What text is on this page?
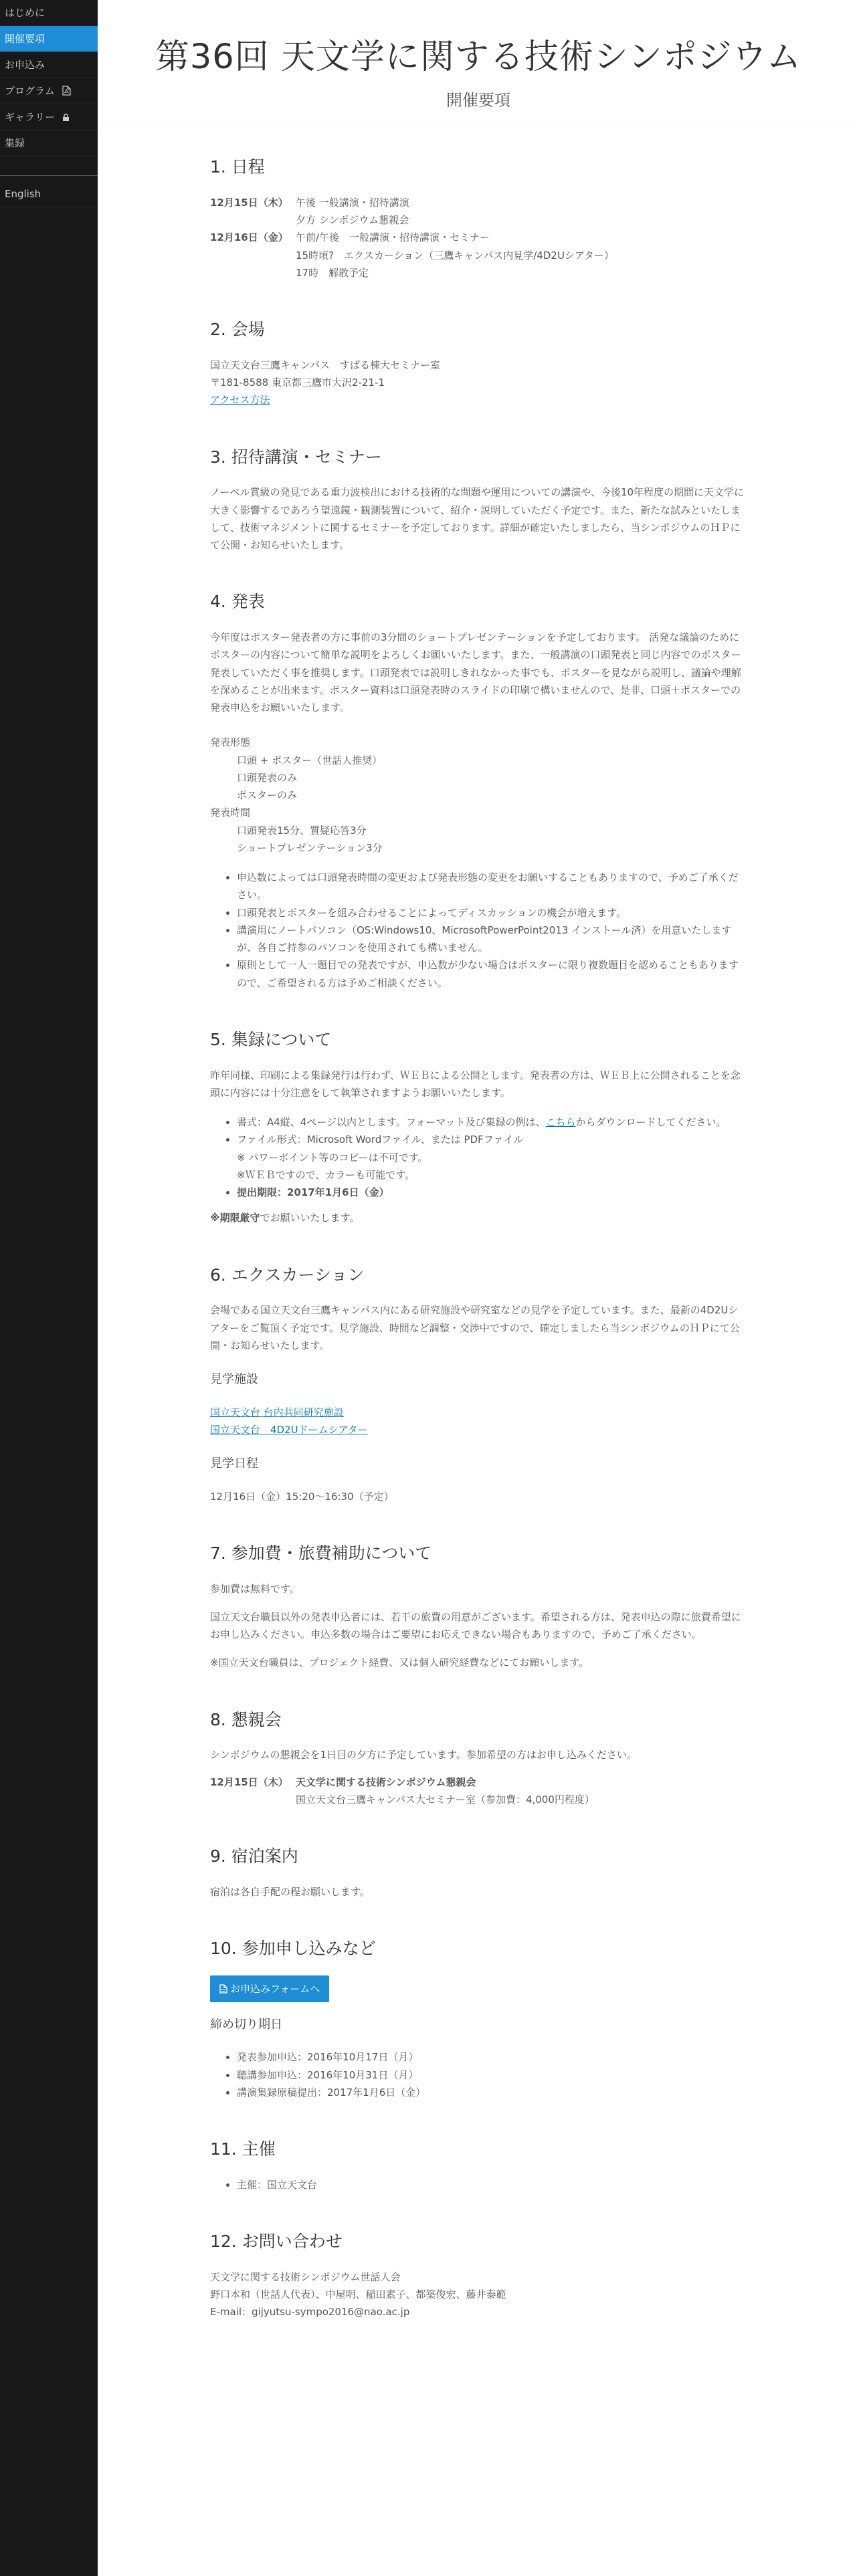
はじめに
開催要項
お申込み
プログラム
ギャラリー
集録
English
第36回 天文学に関する技術シンポジウム
開催要項
1. 日程
12月15日（木） 午後 一般講演・招待講演
夕方 シンポジウム懇親会
12月16日（金） 午前/午後　一般講演・招待講演・セミナー
15時頃?　エクスカーション（三鷹キャンパス内見学/4D2Uシアター）
17時　解散予定
2. 会場

国立天文台三鷹キャンパス　すばる棟大セミナー室

〒181-8588 東京都三鷹市大沢2-21-1

アクセス方法

3. 招待講演・セミナー

ノーベル賞級の発見である重力波検出における技術的な問題や運用についての講演や、今後10年程度の期間に天文学に大きく影響するであろう望遠鏡・観測装置について、紹介・説明していただく予定です。また、新たな試みといたしまして、技術マネジメントに関するセミナーを予定しております。詳細が確定いたしましたら、当シンポジウムのＨＰにて公開・お知らせいたします。

4. 発表

今年度はポスター発表者の方に事前の3分間のショートプレゼンテーションを予定しております。 活発な議論のためにポスターの内容について簡単な説明をよろしくお願いいたします。また、一般講演の口頭発表と同じ内容でのポスター発表していただく事を推奨します。口頭発表では説明しきれなかった事でも、ポスターを見ながら説明し、議論や理解を深めることが出来ます。ポスター資料は口頭発表時のスライドの印刷で構いませんので、是非、口頭＋ポスターでの発表申込をお願いいたします。

発表形態

口頭 + ポスター（世話人推奨）

口頭発表のみ

ポスターのみ

発表時間

口頭発表15分、質疑応答3分

ショートプレゼンテーション3分

• 申込数によっては口頭発表時間の変更および発表形態の変更をお願いすることもありますので、予めご了承ください。
• 口頭発表とポスターを組み合わせることによってディスカッションの機会が増えます。
• 講演用にノートパソコン（OS:Windows10、MicrosoftPowerPoint2013 インストール済）を用意いたしますが、各自ご持参のパソコンを使用されても構いません。
• 原則として一人一題目での発表ですが、申込数が少ない場合はポスターに限り複数題目を認めることもありますので、ご希望される方は予めご相談ください。
5. 集録について

昨年同様、印刷による集録発行は行わず、ＷＥＢによる公開とします。発表者の方は、ＷＥＢ上に公開されることを念頭に内容には十分注意をして執筆されますようお願いいたします。

• 書式：A4縦、4ページ以内とします。フォーマット及び集録の例は、こちらからダウンロードしてください。
• ファイル形式：Microsoft Wordファイル、または PDFファイル
※ パワーポイント等のコピーは不可です。
※ＷＥＢですので、カラーも可能です。
• 提出期限：2017年1月6日（金）

※期限厳守でお願いいたします。

6. エクスカーション

会場である国立天文台三鷹キャンパス内にある研究施設や研究室などの見学を予定しています。また、最新の4D2Uシアターをご覧頂く予定です。見学施設、時間など調整・交渉中ですので、確定しましたら当シンポジウムのＨＰにて公開・お知らせいたします。

見学施設

国立天文台 台内共同研究施設

国立天文台　4D2Uドームシアター

見学日程

12月16日（金）15:20〜16:30（予定）

7. 参加費・旅費補助について

参加費は無料です。

国立天文台職員以外の発表申込者には、若干の旅費の用意がございます。希望される方は、発表申込の際に旅費希望にお申し込みください。申込多数の場合はご要望にお応えできない場合もありますので、予めご了承ください。

※国立天文台職員は、プロジェクト経費、又は個人研究経費などにてお願いします。

8. 懇親会

シンポジウムの懇親会を1日目の夕方に予定しています。参加希望の方はお申し込みください。

12月15日（木） 天文学に関する技術シンポジウム懇親会
国立天文台三鷹キャンパス大セミナー室（参加費：4,000円程度）
9. 宿泊案内

宿泊は各自手配の程お願いします。

10. 参加申し込みなど
お申込みフォームへ
締め切り期日
• 発表参加申込：2016年10月17日（月）
• 聴講参加申込：2016年10月31日（月）
• 講演集録原稿提出：2017年1月6日（金）
11. 主催
• 主催：国立天文台
12. お問い合わせ

天文学に関する技術シンポジウム世話人会

野口本和（世話人代表）、中屋明、稲田素子、都築俊宏、藤井泰範

E-mail：gijyutsu-sympo2016@nao.ac.jp
